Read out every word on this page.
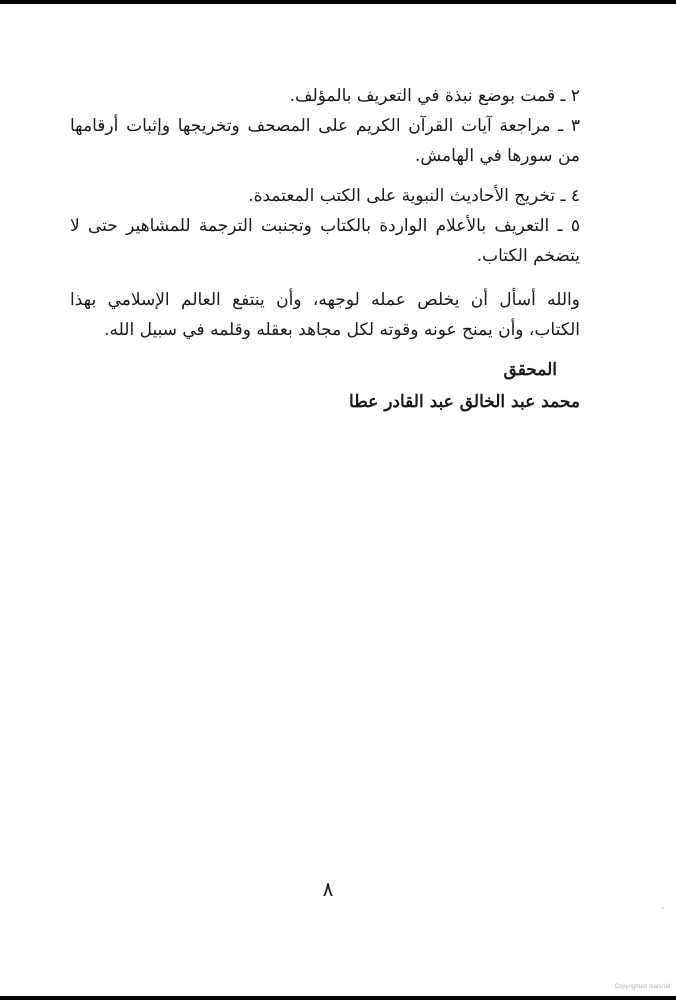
٢ ـ قمت بوضع نبذة في التعريف بالمؤلف.
٣ ـ مراجعة آيات القرآن الكريم على المصحف وتخريجها وإثبات أرقامها
من سورها في الهامش.
٤ ـ تخريج الأحاديث النبوية على الكتب المعتمدة.
٥ ـ التعريف بالأعلام الواردة بالكتاب وتجنبت الترجمة للمشاهير حتى لا
يتضخم الكتاب.
والله أسأل أن يخلص عمله لوجهه، وأن ينتفع العالم الإسلامي بهذا
الكتاب، وأن يمنح عونه وقوته لكل مجاهد بعقله وقلمه في سبيل الله.
المحقق
محمد عبد الخالق عبد القادر عطا
٨
Copyrighted material
